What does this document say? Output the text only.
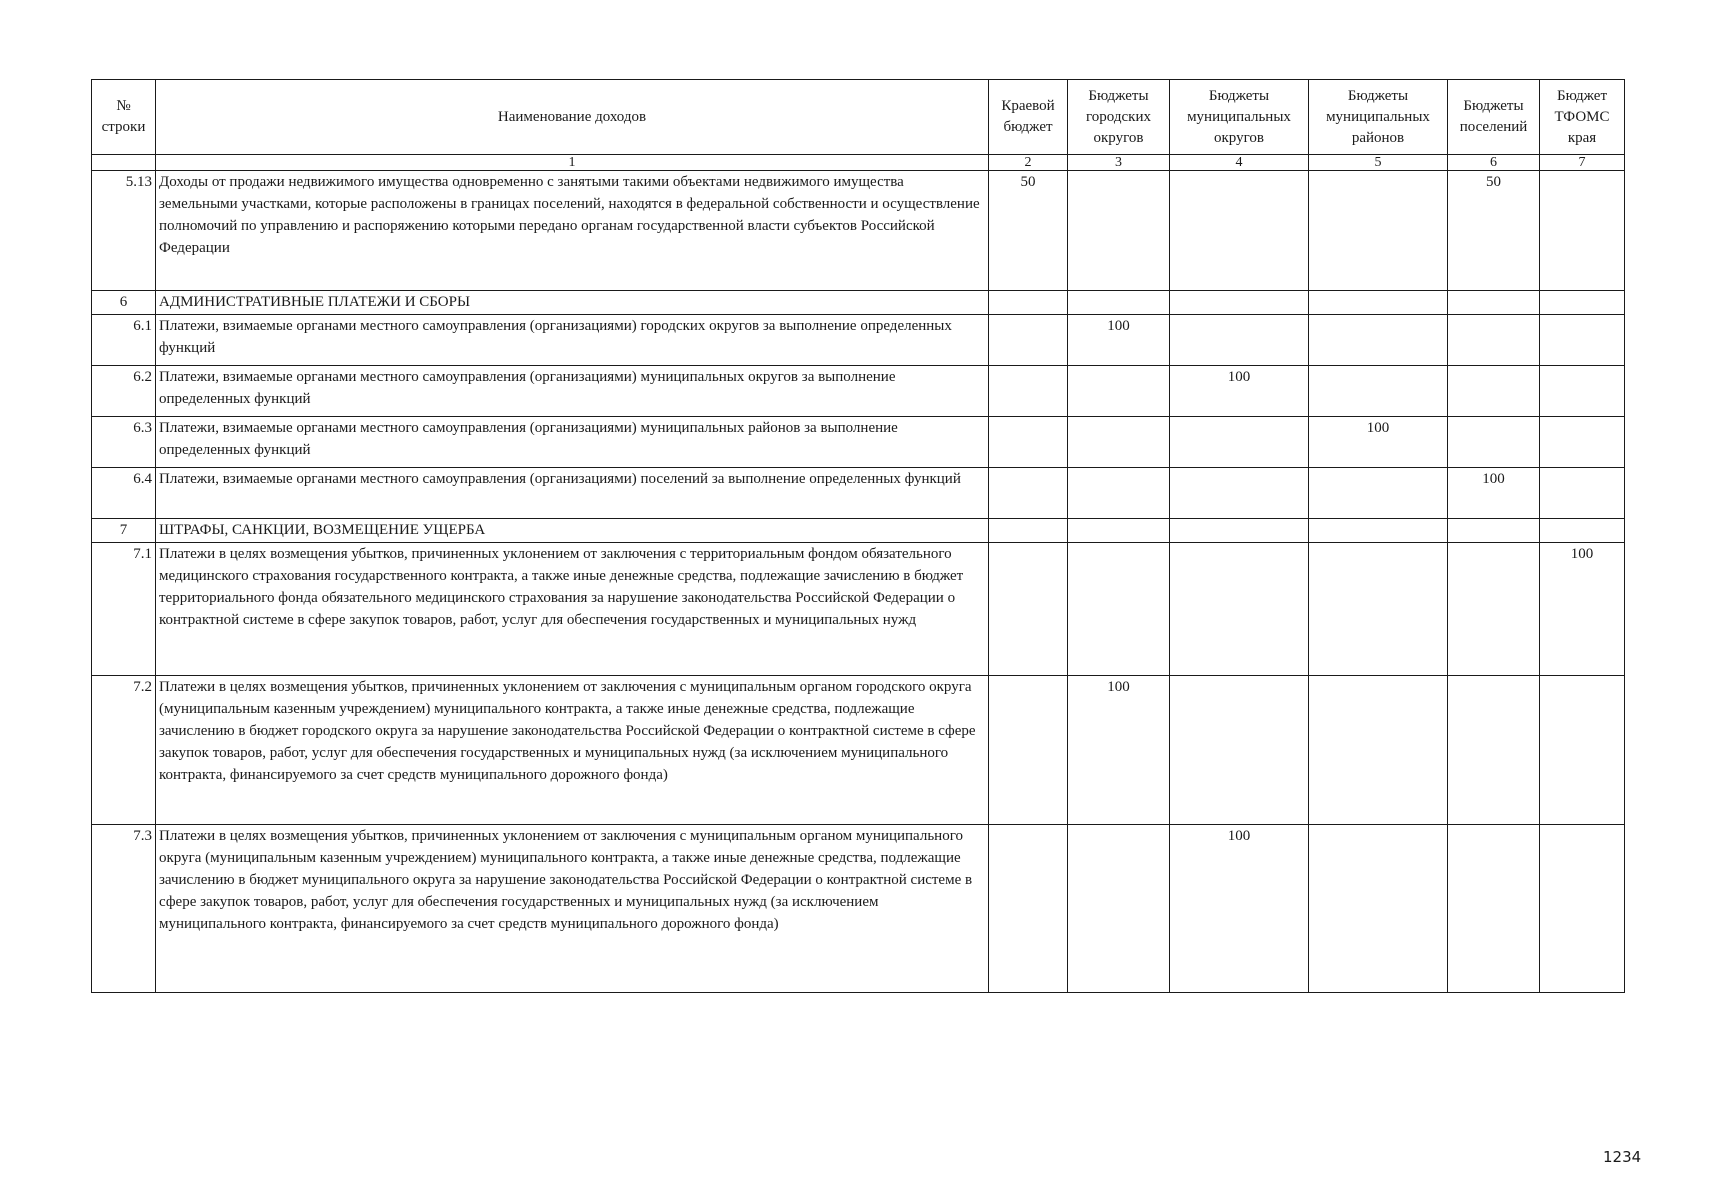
№ строки	Наименование доходов	Краевой бюджет	Бюджеты городских округов	Бюджеты муниципальных округов	Бюджеты муниципальных районов	Бюджеты поселений	Бюджет ТФОМС края
	1	2	3	4	5	6	7
5.13	Доходы от продажи недвижимого имущества одновременно с занятыми такими объектами недвижимого имущества земельными участками, которые расположены в границах поселений, находятся в федеральной собственности и осуществление полномочий по управлению и распоряжению которыми передано органам государственной власти субъектов Российской Федерации	50				50	
6	АДМИНИСТРАТИВНЫЕ ПЛАТЕЖИ И СБОРЫ						
6.1	Платежи, взимаемые органами местного самоуправления (организациями) городских округов за выполнение определенных функций		100				
6.2	Платежи, взимаемые органами местного самоуправления (организациями) муниципальных округов за выполнение определенных функций			100			
6.3	Платежи, взимаемые органами местного самоуправления (организациями) муниципальных районов за выполнение определенных функций				100		
6.4	Платежи, взимаемые органами местного самоуправления (организациями) поселений за выполнение определенных функций					100	
7	ШТРАФЫ, САНКЦИИ, ВОЗМЕЩЕНИЕ УЩЕРБА						
7.1	Платежи в целях возмещения убытков, причиненных уклонением от заключения с территориальным фондом обязательного медицинского страхования государственного контракта, а также иные денежные средства, подлежащие зачислению в бюджет территориального фонда обязательного медицинского страхования за нарушение законодательства Российской Федерации о контрактной системе в сфере закупок товаров, работ, услуг для обеспечения государственных и муниципальных нужд						100
7.2	Платежи в целях возмещения убытков, причиненных уклонением от заключения с муниципальным органом городского округа (муниципальным казенным учреждением) муниципального контракта, а также иные денежные средства, подлежащие зачислению в бюджет городского округа за нарушение законодательства Российской Федерации о контрактной системе в сфере закупок товаров, работ, услуг для обеспечения государственных и муниципальных нужд (за исключением муниципального контракта, финансируемого за счет средств муниципального дорожного фонда)		100				
7.3	Платежи в целях возмещения убытков, причиненных уклонением от заключения с муниципальным органом муниципального округа (муниципальным казенным учреждением) муниципального контракта, а также иные денежные средства, подлежащие зачислению в бюджет муниципального округа за нарушение законодательства Российской Федерации о контрактной системе в сфере закупок товаров, работ, услуг для обеспечения государственных и муниципальных нужд (за исключением муниципального контракта, финансируемого за счет средств муниципального дорожного фонда)			100			
1234
